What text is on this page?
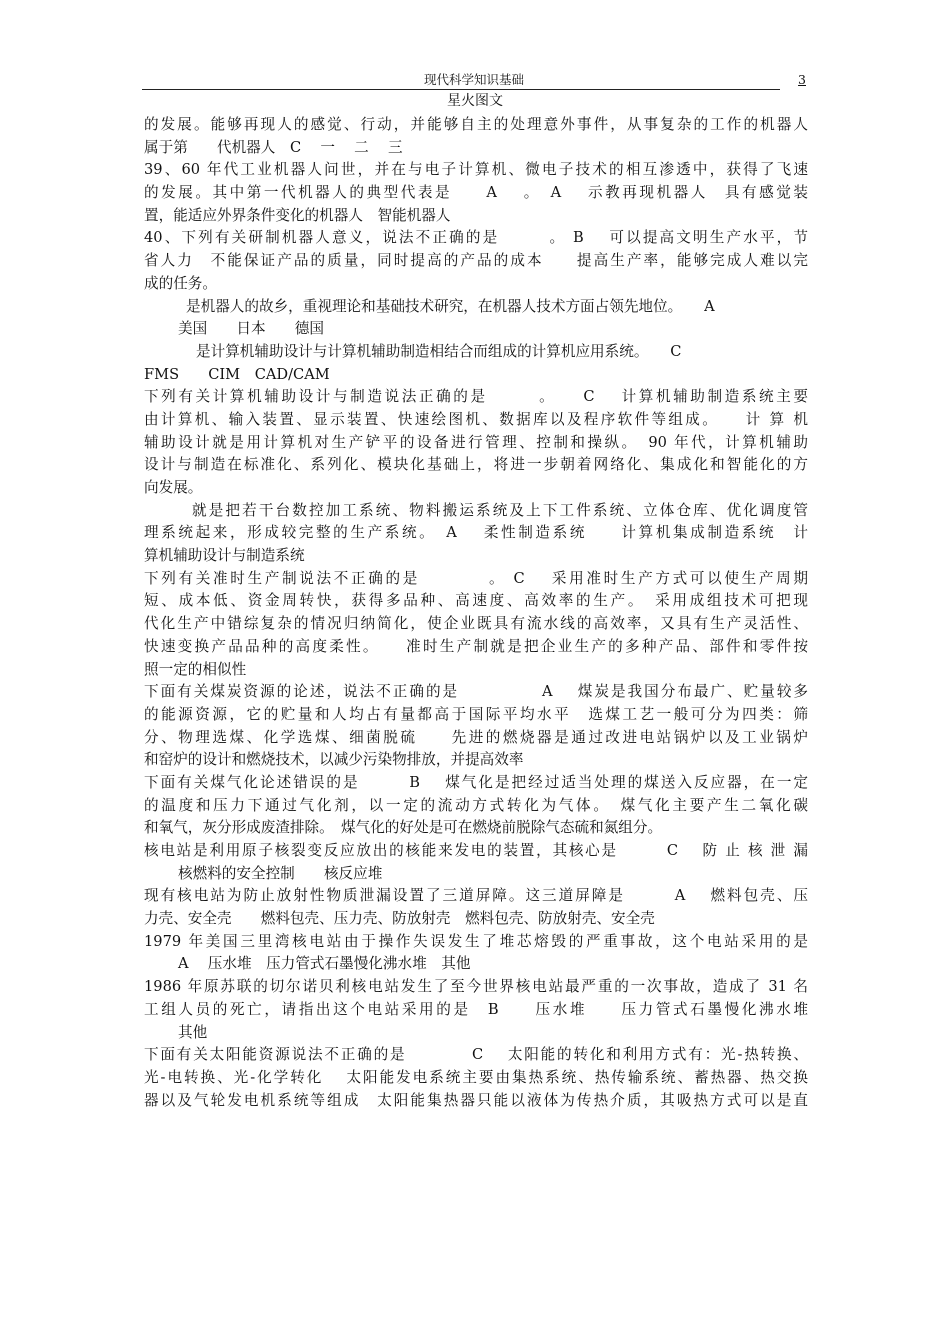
现代科学知识基础	3
星火图文
的发展。能够再现人的感觉、行动，并能够自主的处理意外事件，从事复杂的工作的机器人
属于第　　代机器人　C　 一　 二　 三
39、60 年代工业机器人问世，并在与电子计算机、微电子技术的相互渗透中，获得了飞速
的发展。其中第一代机器人的典型代表是　　A　 。　A　 示教再现机器人　具有感觉装
置，能适应外界条件变化的机器人　智能机器人
40、下列有关研制机器人意义，说法不正确的是　　　。 B　 可以提高文明生产水平，节
省人力　不能保证产品的质量，同时提高的产品的成本　　提高生产率，能够完成人难以完
成的任务。
是机器人的故乡，重视理论和基础技术研究，在机器人技术方面占领先地位。　　A
美国　　日本　　德国
是计算机辅助设计与计算机辅助制造相结合而组成的计算机应用系统。　　C
FMS　　CIM　CAD/CAM
下列有关计算机辅助设计与制造说法正确的是　　　。　　C　 计算机辅助制造系统主要
由计算机、输入装置、显示装置、快速绘图机、数据库以及程序软件等组成。　　计 算 机
辅助设计就是用计算机对生产铲平的设备进行管理、控制和操纵。　90 年代，计算机辅助
设计与制造在标准化、系列化、模块化基础上，将进一步朝着网络化、集成化和智能化的方
向发展。
就是把若干台数控加工系统、物料搬运系统及上下工件系统、立体仓库、优化调度管
理系统起来，形成较完整的生产系统。　A　 柔性制造系统　　计算机集成制造系统　计
算机辅助设计与制造系统
下列有关准时生产制说法不正确的是　　　　。 C　 采用准时生产方式可以使生产周期
短、成本低、资金周转快，获得多品种、高速度、高效率的生产。　采用成组技术可把现
代化生产中错综复杂的情况归纳简化，使企业既具有流水线的高效率，又具有生产灵活性、
快速变换产品品种的高度柔性。　　准时生产制就是把企业生产的多种产品、部件和零件按
照一定的相似性
下面有关煤炭资源的论述，说法不正确的是　　　　　A　 煤炭是我国分布最广、贮量较多
的能源资源，它的贮量和人均占有量都高于国际平均水平　选煤工艺一般可分为四类：筛
分、物理选煤、化学选煤、细菌脱硫　　先进的燃烧器是通过改进电站锅炉以及工业锅炉
和窑炉的设计和燃烧技术，以减少污染物排放，并提高效率
下面有关煤气化论述错误的是　　　B　 煤气化是把经过适当处理的煤送入反应器，在一定
的温度和压力下通过气化剂，以一定的流动方式转化为气体。　煤气化主要产生二氧化碳
和氧气，灰分形成废渣排除。　煤气化的好处是可在燃烧前脱除气态硫和氮组分。
核电站是利用原子核裂变反应放出的核能来发电的装置，其核心是　　　C　 防 止 核 泄 漏
核燃料的安全控制　　核反应堆
现有核电站为防止放射性物质泄漏设置了三道屏障。这三道屏障是　　　A　 燃料包壳、压
力壳、安全壳　　燃料包壳、压力壳、防放射壳　燃料包壳、防放射壳、安全壳
1979 年美国三里湾核电站由于操作失误发生了堆芯熔毁的严重事故，这个电站采用的是
A　 压水堆　压力管式石墨慢化沸水堆　其他
1986 年原苏联的切尔诺贝利核电站发生了至今世界核电站最严重的一次事故，造成了 31 名
工组人员的死亡，请指出这个电站采用的是　B　　压水堆　　压力管式石墨慢化沸水堆
其他
下面有关太阳能资源说法不正确的是　　　　C　 太阳能的转化和利用方式有：光-热转换、
光-电转换、光-化学转化　 太阳能发电系统主要由集热系统、热传输系统、蓄热器、热交换
器以及气轮发电机系统等组成　太阳能集热器只能以液体为传热介质，其吸热方式可以是直
